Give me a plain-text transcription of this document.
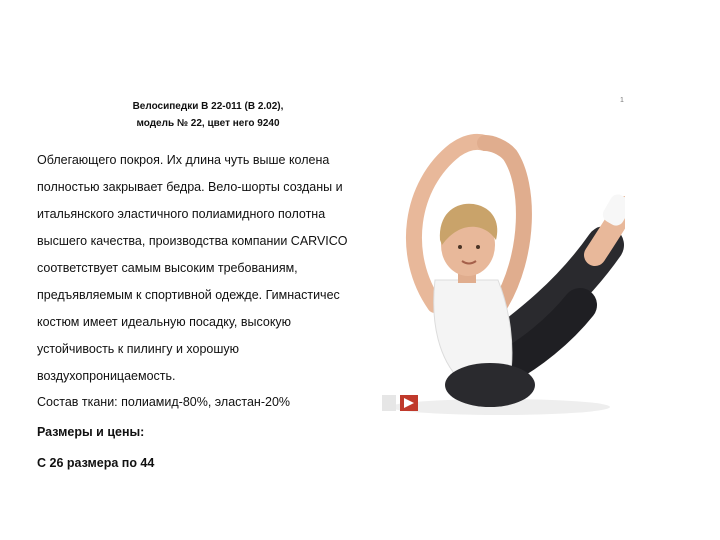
Велосипедки В 22-011 (В 2.02),
модель № 22, цвет него 9240
1
Облегающего покроя. Их длина чуть выше колена
полностью закрывает бедра. Вело-шорты созданы и
итальянского эластичного полиамидного полотна
высшего качества, производства компании CARVICO
соответствует самым высоким требованиям,
предъявляемым к спортивной одежде. Гимнастичес
костюм имеет идеальную посадку, высокую
устойчивость к пилингу и хорошую
воздухопроницаемость.
Состав ткани: полиамид-80%, эластан-20%
Размеры и цены:
С 26 размера по 44
